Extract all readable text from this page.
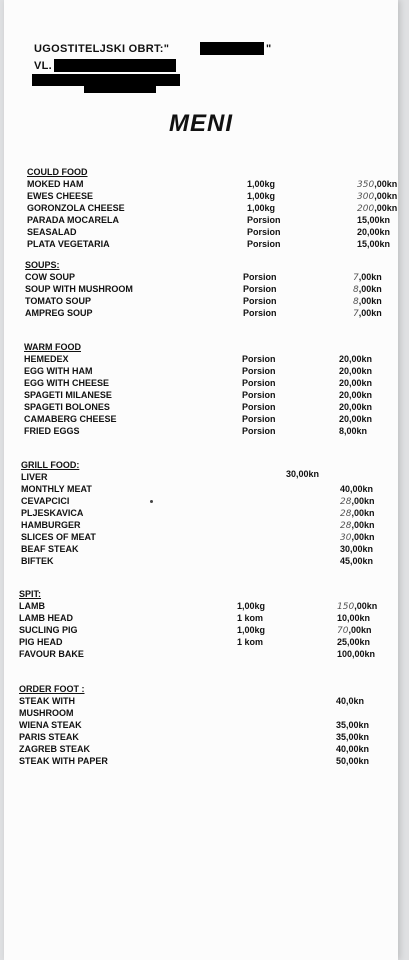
UGOSTITELJSKI OBRT:"	"
VL.
MENI
COULD FOOD
MOKED HAM	1,00kg	350,00kn
EWES CHEESE	1,00kg	300,00kn
GORONZOLA CHEESE	1,00kg	200,00kn
PARADA MOCARELA	Porsion	15,00kn
SEASALAD	Porsion	20,00kn
PLATA VEGETARIA	Porsion	15,00kn
SOUPS:
COW SOUP	Porsion	7,00kn
SOUP WITH MUSHROOM	Porsion	8,00kn
TOMATO SOUP	Porsion	8,00kn
AMPREG SOUP	Porsion	7,00kn
WARM FOOD
HEMEDEX	Porsion	20,00kn
EGG WITH HAM	Porsion	20,00kn
EGG WITH CHEESE	Porsion	20,00kn
SPAGETI MILANESE	Porsion	20,00kn
SPAGETI BOLONES	Porsion	20,00kn
CAMABERG CHEESE	Porsion	20,00kn
FRIED EGGS	Porsion	8,00kn
GRILL FOOD:
LIVER	30,00kn
MONTHLY MEAT	40,00kn
CEVAPCICI	28,00kn
PLJESKAVICA	28,00kn
HAMBURGER	28,00kn
SLICES OF MEAT	30,00kn
BEAF STEAK	30,00kn
BIFTEK	45,00kn
SPIT:
LAMB	1,00kg	150,00kn
LAMB HEAD	1 kom	10,00kn
SUCLING PIG	1,00kg	70,00kn
PIG HEAD	1 kom	25,00kn
FAVOUR BAKE	100,00kn
ORDER FOOT :
STEAK WITH	40,0kn
MUSHROOM
WIENA STEAK	35,00kn
PARIS STEAK	35,00kn
ZAGREB STEAK	40,00kn
STEAK WITH PAPER	50,00kn
